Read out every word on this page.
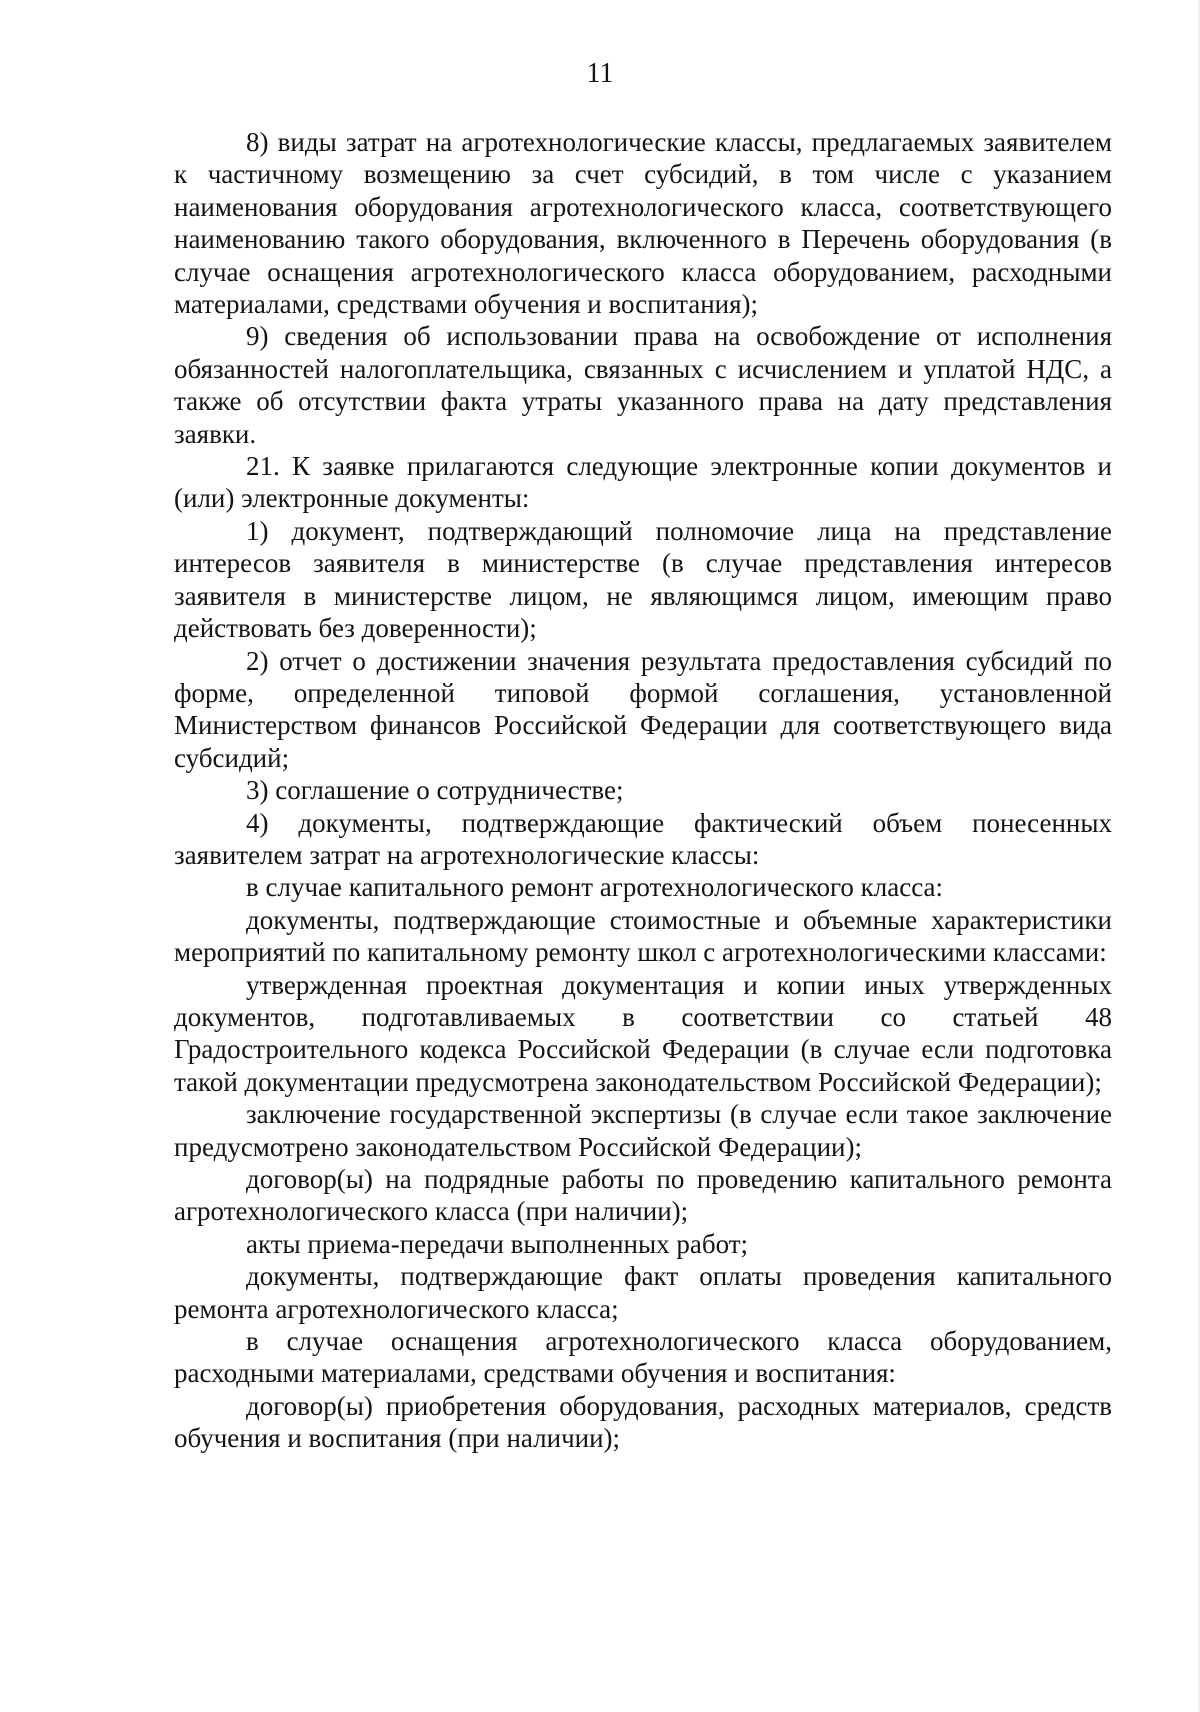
11

8) виды затрат на агротехнологические классы, предлагаемых заявителем к частичному возмещению за счет субсидий, в том числе с указанием наименования оборудования агротехнологического класса, соответствующего наименованию такого оборудования, включенного в Перечень оборудования (в случае оснащения агротехнологического класса оборудованием, расходными материалами, средствами обучения и воспитания);

9) сведения об использовании права на освобождение от исполнения обязанностей налогоплательщика, связанных с исчислением и уплатой НДС, а также об отсутствии факта утраты указанного права на дату представления заявки.

21. К заявке прилагаются следующие электронные копии документов и (или) электронные документы:

1) документ, подтверждающий полномочие лица на представление интересов заявителя в министерстве (в случае представления интересов заявителя в министерстве лицом, не являющимся лицом, имеющим право действовать без доверенности);

2) отчет о достижении значения результата предоставления субсидий по форме, определенной типовой формой соглашения, установленной Министерством финансов Российской Федерации для соответствующего вида субсидий;

3) соглашение о сотрудничестве;

4) документы, подтверждающие фактический объем понесенных заявителем затрат на агротехнологические классы:

в случае капитального ремонт агротехнологического класса:

документы, подтверждающие стоимостные и объемные характеристики мероприятий по капитальному ремонту школ с агротехнологическими классами:

утвержденная проектная документация и копии иных утвержденных документов, подготавливаемых в соответствии со статьей 48 Градостроительного кодекса Российской Федерации (в случае если подготовка такой документации предусмотрена законодательством Российской Федерации);

заключение государственной экспертизы (в случае если такое заключение предусмотрено законодательством Российской Федерации);

договор(ы) на подрядные работы по проведению капитального ремонта агротехнологического класса (при наличии);

акты приема-передачи выполненных работ;

документы, подтверждающие факт оплаты проведения капитального ремонта агротехнологического класса;

в случае оснащения агротехнологического класса оборудованием, расходными материалами, средствами обучения и воспитания:

договор(ы) приобретения оборудования, расходных материалов, средств обучения и воспитания (при наличии);
